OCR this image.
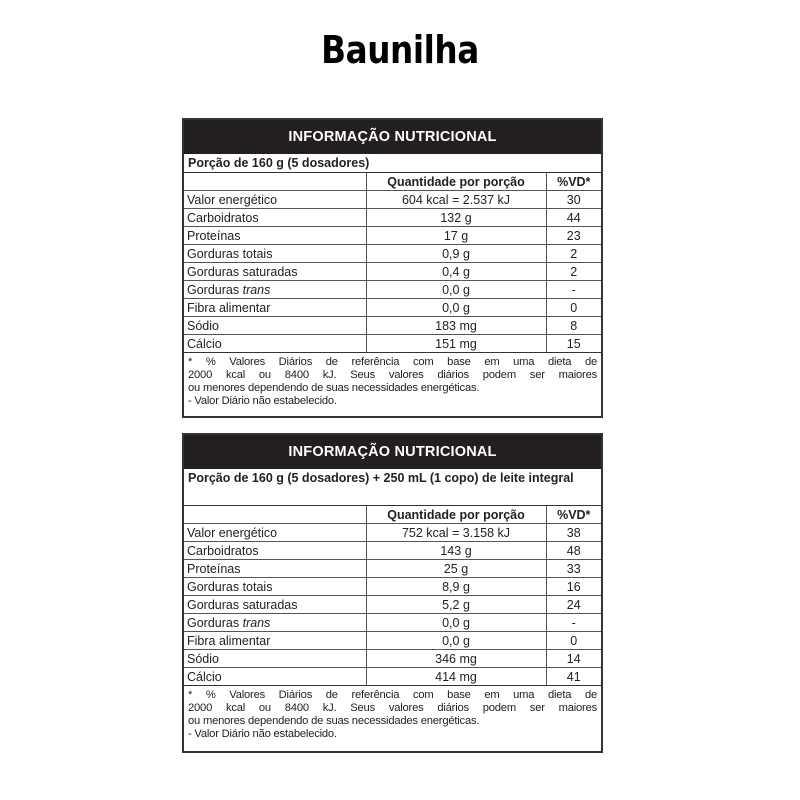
Baunilha
INFORMAÇÃO NUTRICIONAL
Porção de 160 g (5 dosadores)
	Quantidade por porção	%VD*
Valor energético	604 kcal = 2.537 kJ	30
Carboidratos	132 g	44
Proteínas	17 g	23
Gorduras totais	0,9 g	2
Gorduras saturadas	0,4 g	2
Gorduras trans	0,0 g	-
Fibra alimentar	0,0 g	0
Sódio	183 mg	8
Cálcio	151 mg	15
* % Valores Diários de referência com base em uma dieta de
2000 kcal ou 8400 kJ. Seus valores diários podem ser maiores
ou menores dependendo de suas necessidades energéticas.
- Valor Diário não estabelecido.
INFORMAÇÃO NUTRICIONAL
Porção de 160 g (5 dosadores) + 250 mL (1 copo) de leite integral
	Quantidade por porção	%VD*
Valor energético	752 kcal = 3.158 kJ	38
Carboidratos	143 g	48
Proteínas	25 g	33
Gorduras totais	8,9 g	16
Gorduras saturadas	5,2 g	24
Gorduras trans	0,0 g	-
Fibra alimentar	0,0 g	0
Sódio	346 mg	14
Cálcio	414 mg	41
* % Valores Diários de referência com base em uma dieta de
2000 kcal ou 8400 kJ. Seus valores diários podem ser maiores
ou menores dependendo de suas necessidades energéticas.
- Valor Diário não estabelecido.
